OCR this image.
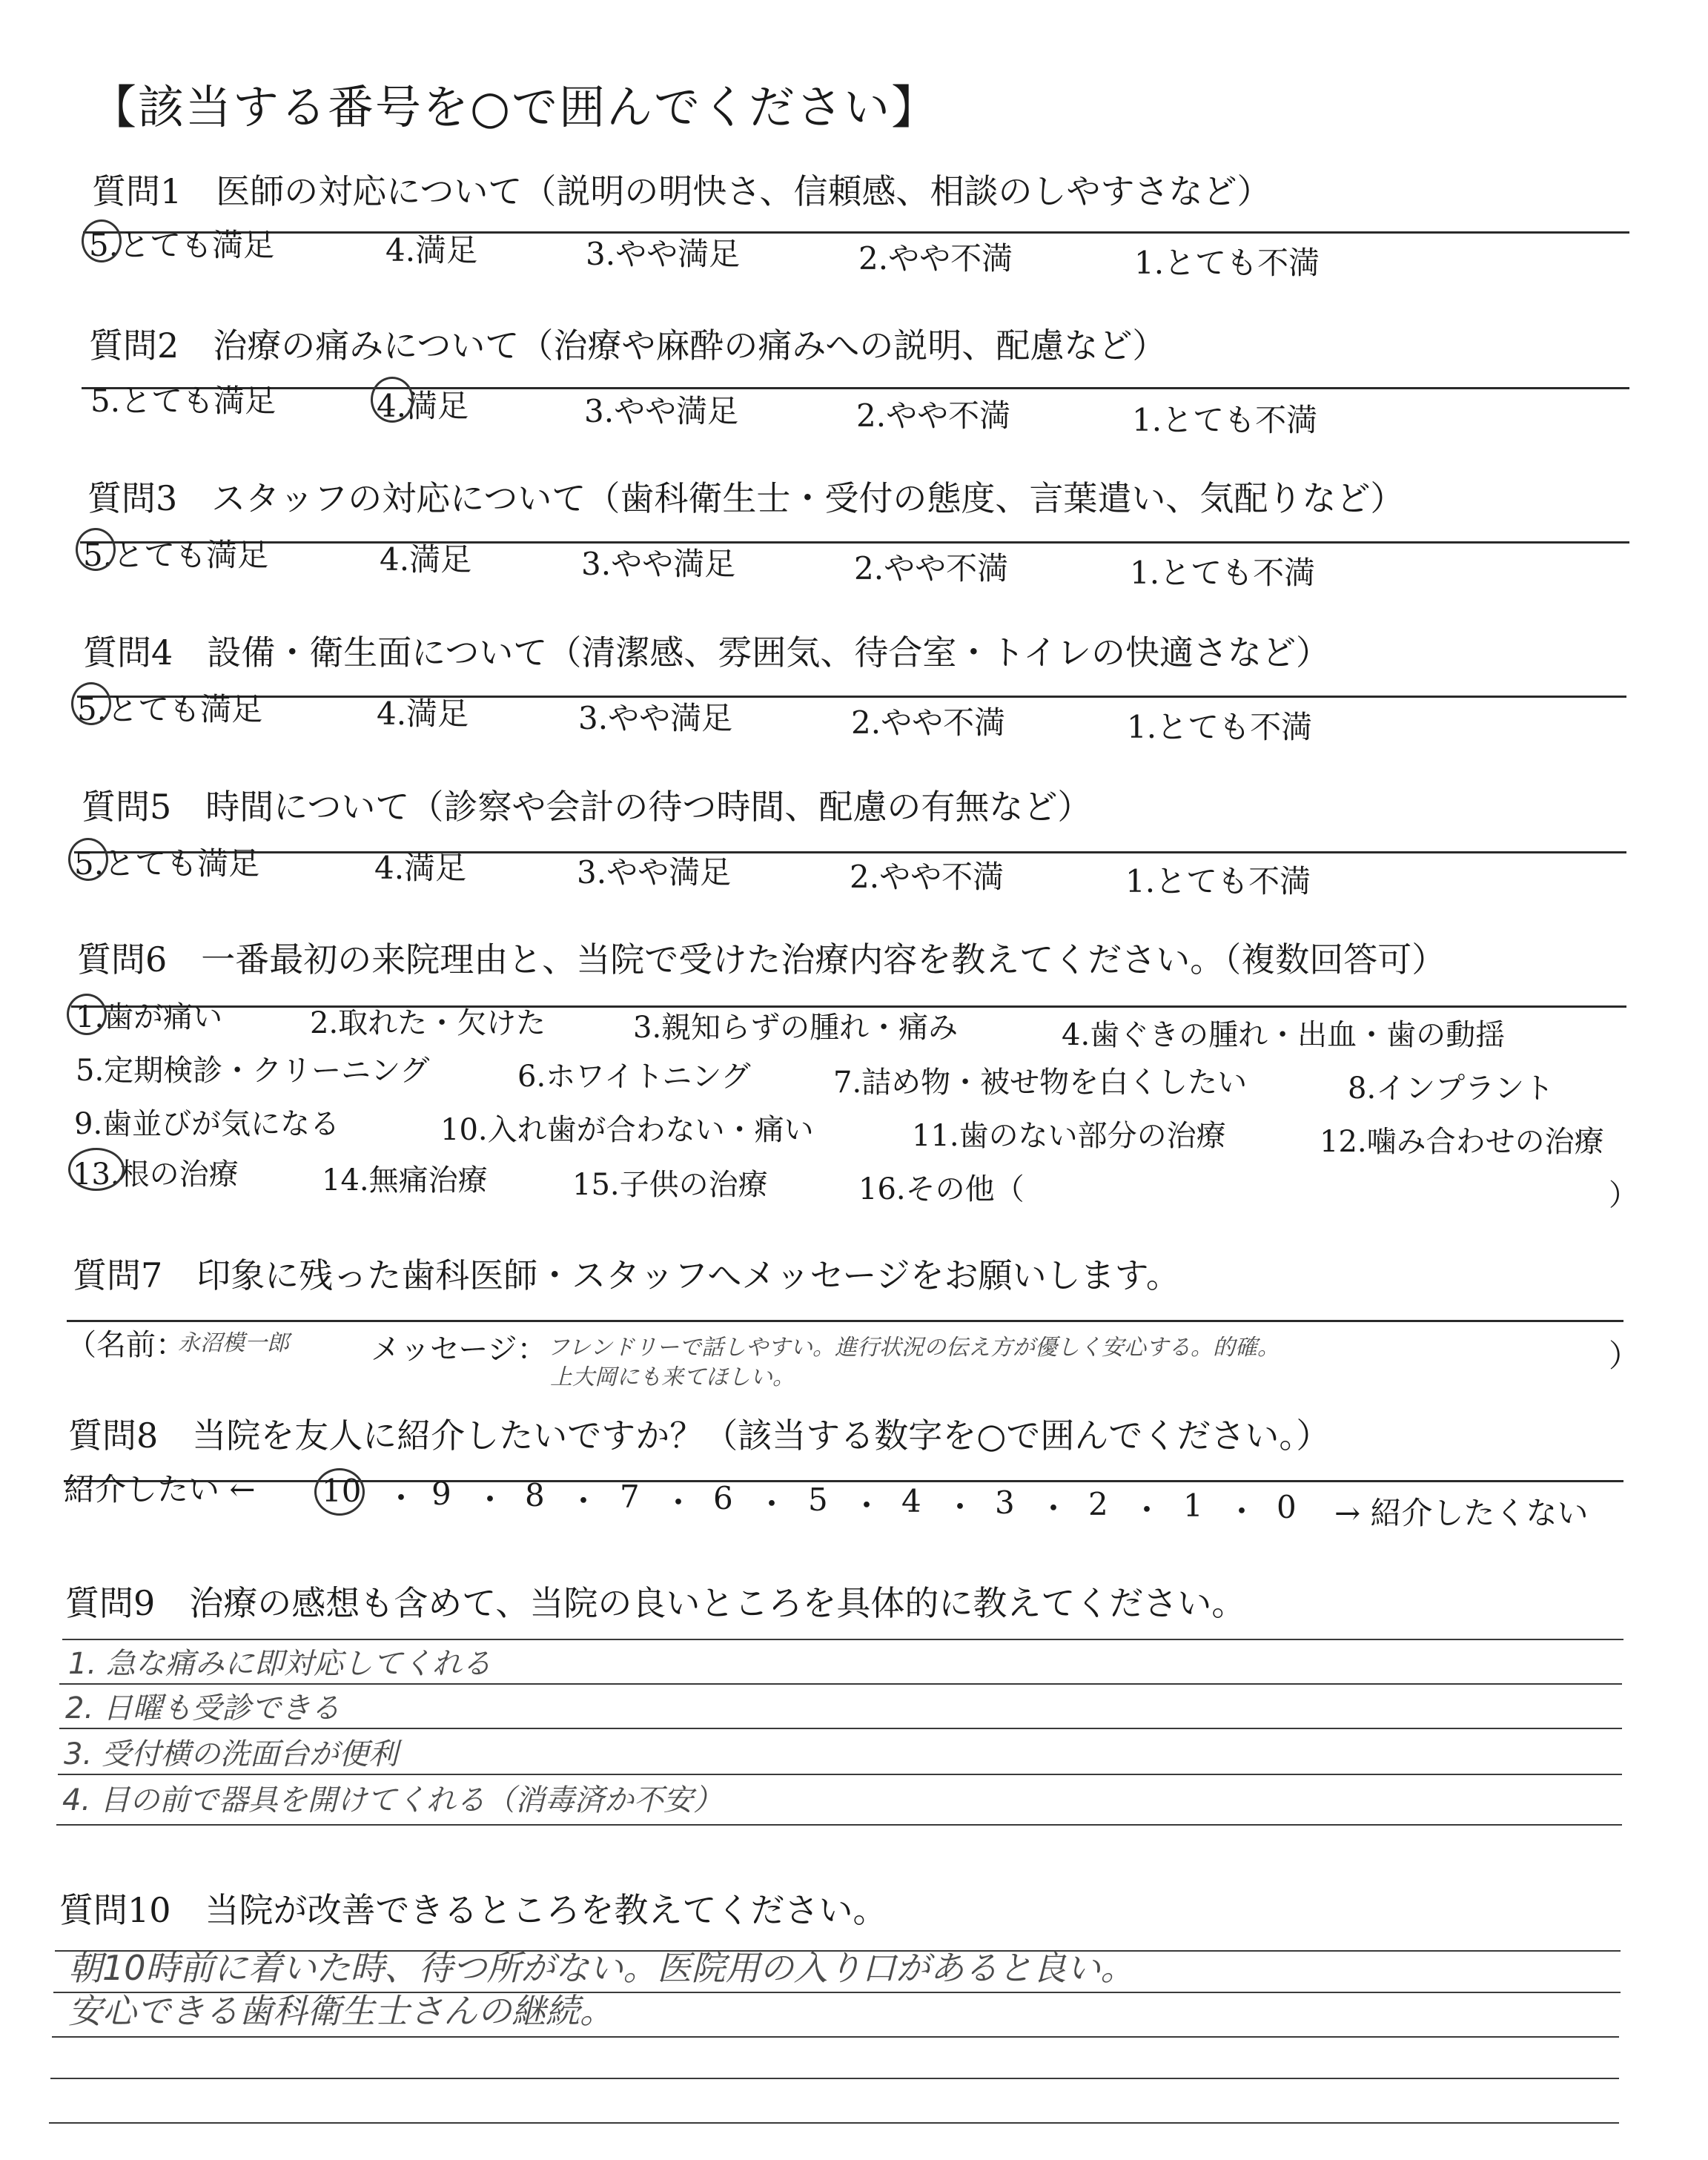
【該当する番号を○で囲んでください】
質問1　医師の対応について（説明の明快さ、信頼感、相談のしやすさなど）
5.とても満足	4.満足	3.やや満足	2.やや不満	1.とても不満
質問2　治療の痛みについて（治療や麻酔の痛みへの説明、配慮など）
5.とても満足	4.満足	3.やや満足	2.やや不満	1.とても不満
質問3　スタッフの対応について（歯科衛生士・受付の態度、言葉遣い、気配りなど）
5.とても満足	4.満足	3.やや満足	2.やや不満	1.とても不満
質問4　設備・衛生面について（清潔感、雰囲気、待合室・トイレの快適さなど）
5.とても満足	4.満足	3.やや満足	2.やや不満	1.とても不満
質問5　時間について（診察や会計の待つ時間、配慮の有無など）
5.とても満足	4.満足	3.やや満足	2.やや不満	1.とても不満
質問6　一番最初の来院理由と、当院で受けた治療内容を教えてください。（複数回答可）
1.歯が痛い	2.取れた・欠けた	3.親知らずの腫れ・痛み	4.歯ぐきの腫れ・出血・歯の動揺
5.定期検診・クリーニング	6.ホワイトニング	7.詰め物・被せ物を白くしたい	8.インプラント
9.歯並びが気になる	10.入れ歯が合わない・痛い	11.歯のない部分の治療	12.噛み合わせの治療
13.根の治療	14.無痛治療	15.子供の治療	16.その他（	）
質問7　印象に残った歯科医師・スタッフへメッセージをお願いします。
（名前：
永沼模一郎	メッセージ： フレンドリーで話しやすい。進行状況の伝え方が優しく安心する。的確。
上大岡にも来てほしい。
）
質問8　当院を友人に紹介したいですか？（該当する数字を○で囲んでください。）
紹介したい ← 10 ・ 9 ・ 8 ・ 7 ・ 6 ・ 5 ・ 4 ・ 3 ・ 2 ・ 1 ・ 0 → 紹介したくない
質問9　治療の感想も含めて、当院の良いところを具体的に教えてください。
1. 急な痛みに即対応してくれる
2. 日曜も受診できる
3. 受付横の洗面台が便利
4. 目の前で器具を開けてくれる（消毒済か不安）
質問10　当院が改善できるところを教えてください。
朝10時前に着いた時、待つ所がない。医院用の入り口があると良い。
安心できる歯科衛生士さんの継続。
